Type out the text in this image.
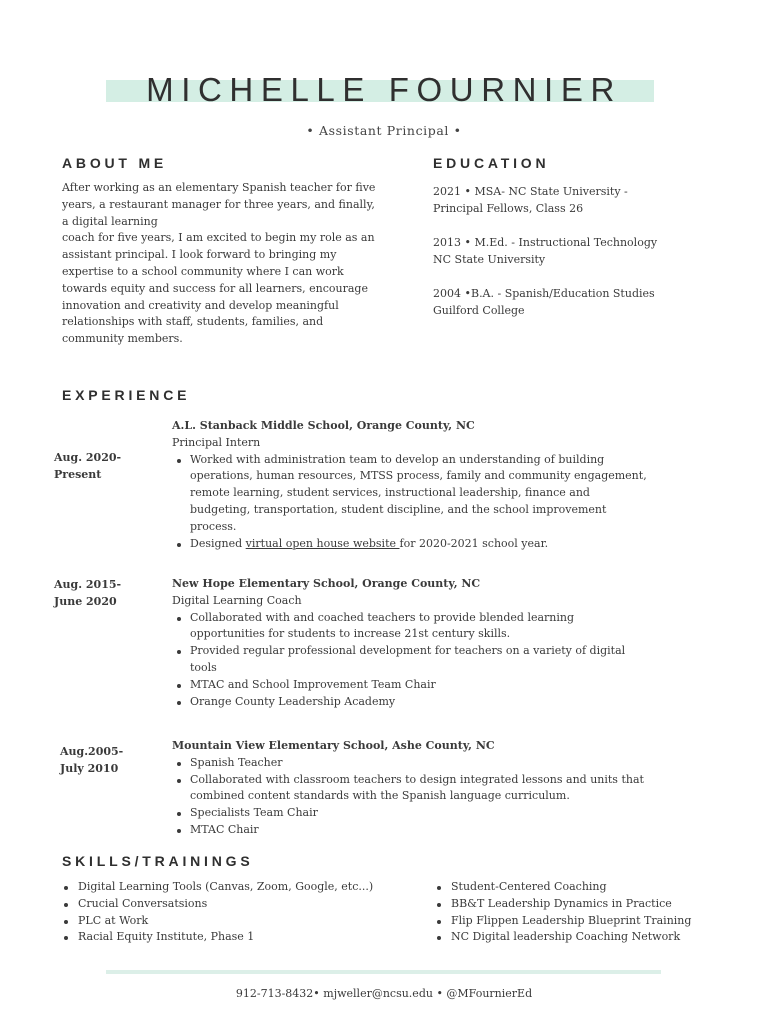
MICHELLE FOURNIER
• Assistant Principal •
ABOUT ME
After working as an elementary Spanish teacher for five
years, a restaurant manager for three years, and finally,
a digital learning
coach for five years, I am excited to begin my role as an
assistant principal. I look forward to bringing my
expertise to a school community where I can work
towards equity and success for all learners, encourage
innovation and creativity and develop meaningful
relationships with staff, students, families, and
community members.
EDUCATION
2021 • MSA- NC State University -
Principal Fellows, Class 26
2013 • M.Ed. - Instructional Technology
NC State University
2004 •B.A. - Spanish/Education Studies
Guilford College
EXPERIENCE
Aug. 2020-
Present
A.L. Stanback Middle School, Orange County, NC
Principal Intern
Worked with administration team to develop an understanding of building
operations, human resources, MTSS process, family and community engagement,
remote learning, student services, instructional leadership, finance and
budgeting, transportation, student discipline, and the school improvement
process.
Designed virtual open house website for 2020-2021 school year.
Aug. 2015-
June 2020
New Hope Elementary School, Orange County, NC
Digital Learning Coach
Collaborated with and coached teachers to provide blended learning
opportunities for students to increase 21st century skills.
Provided regular professional development for teachers on a variety of digital
tools
MTAC and School Improvement Team Chair
Orange County Leadership Academy
Aug.2005-
July 2010
Mountain View Elementary School, Ashe County, NC
Spanish Teacher
Collaborated with classroom teachers to design integrated lessons and units that
combined content standards with the Spanish language curriculum.
Specialists Team Chair
MTAC Chair
SKILLS/TRAININGS
Digital Learning Tools (Canvas, Zoom, Google, etc...)
Crucial Conversatsions
PLC at Work
Racial Equity Institute, Phase 1
Student-Centered Coaching
BB&T Leadership Dynamics in Practice
Flip Flippen Leadership Blueprint Training
NC Digital leadership Coaching Network
912-713-8432• mjweller@ncsu.edu • @MFournierEd
